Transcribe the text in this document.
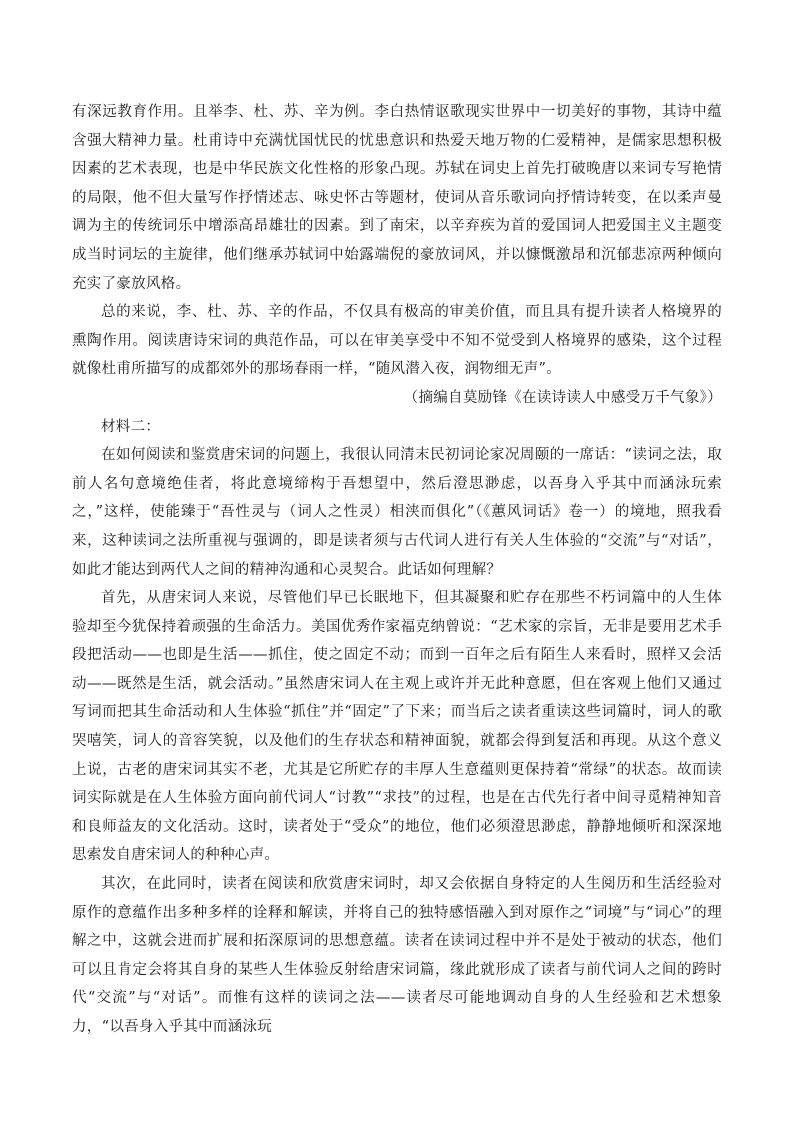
有深远教育作用。且举李、杜、苏、辛为例。李白热情讴歌现实世界中一切美好的事物，其诗中蕴含强大精神力量。杜甫诗中充满忧国忧民的忧患意识和热爱天地万物的仁爱精神，是儒家思想积极因素的艺术表现，也是中华民族文化性格的形象凸现。苏轼在词史上首先打破晚唐以来词专写艳情的局限，他不但大量写作抒情述志、咏史怀古等题材，使词从音乐歌词向抒情诗转变，在以柔声曼调为主的传统词乐中增添高昂雄壮的因素。到了南宋，以辛弃疾为首的爱国词人把爱国主义主题变成当时词坛的主旋律，他们继承苏轼词中始露端倪的豪放词风，并以慷慨激昂和沉郁悲凉两种倾向充实了豪放风格。

总的来说，李、杜、苏、辛的作品，不仅具有极高的审美价值，而且具有提升读者人格境界的熏陶作用。阅读唐诗宋词的典范作品，可以在审美享受中不知不觉受到人格境界的感染，这个过程就像杜甫所描写的成都郊外的那场春雨一样，“随风潜入夜，润物细无声”。

（摘编自莫励锋《在读诗读人中感受万千气象》）

材料二：

在如何阅读和鉴赏唐宋词的问题上，我很认同清末民初词论家况周颐的一席话：“读词之法，取前人名句意境绝佳者，将此意境缔构于吾想望中，然后澄思渺虑，以吾身入乎其中而涵泳玩索之，”这样，使能臻于“吾性灵与（词人之性灵）相浃而俱化”（《蕙风词话》卷一）的境地，照我看来，这种读词之法所重视与强调的，即是读者须与古代词人进行有关人生体验的“交流”与“对话”，如此才能达到两代人之间的精神沟通和心灵契合。此话如何理解？

首先，从唐宋词人来说，尽管他们早已长眠地下，但其凝聚和贮存在那些不朽词篇中的人生体验却至今犹保持着顽强的生命活力。美国优秀作家福克纳曾说：“艺术家的宗旨，无非是要用艺术手段把活动——也即是生活——抓住，使之固定不动；而到一百年之后有陌生人来看时，照样又会活动——既然是生活，就会活动。”虽然唐宋词人在主观上或许并无此种意愿，但在客观上他们又通过写词而把其生命活动和人生体验“抓住”并“固定”了下来；而当后之读者重读这些词篇时，词人的歌哭嘻笑，词人的音容笑貌，以及他们的生存状态和精神面貌，就都会得到复活和再现。从这个意义上说，古老的唐宋词其实不老，尤其是它所贮存的丰厚人生意蕴则更保持着“常绿”的状态。故而读词实际就是在人生体验方面向前代词人“讨教”“求技”的过程，也是在古代先行者中间寻觅精神知音和良师益友的文化活动。这时，读者处于“受众”的地位，他们必须澄思渺虑，静静地倾听和深深地思索发自唐宋词人的种种心声。

其次，在此同时，读者在阅读和欣赏唐宋词时，却又会依据自身特定的人生阅历和生活经验对原作的意蕴作出多种多样的诠释和解读，并将自己的独特感悟融入到对原作之“词境”与“词心”的理解之中，这就会进而扩展和拓深原词的思想意蕴。读者在读词过程中并不是处于被动的状态，他们可以且肯定会将其自身的某些人生体验反射给唐宋词篇，缘此就形成了读者与前代词人之间的跨时代“交流”与“对话”。而惟有这样的读词之法——读者尽可能地调动自身的人生经验和艺术想象力，“以吾身入乎其中而涵泳玩
